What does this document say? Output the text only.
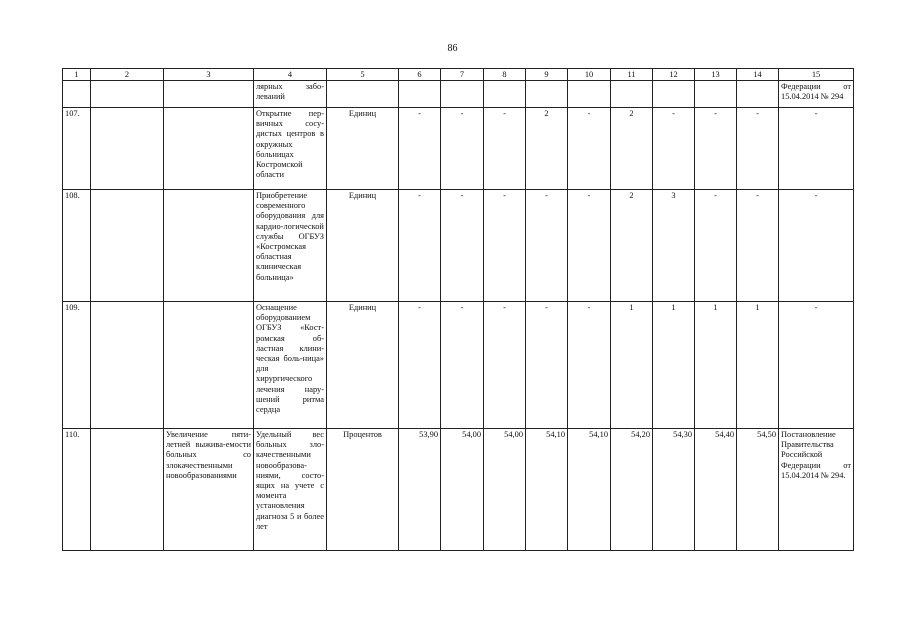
86
1	2	3	4	5	6	7	8	9	10	11	12	13	14	15
			лярных забо-леваний											Федерации от 15.04.2014 № 294
107.			Открытие пер-вичных сосу-дистых центров в окружных больницах Костромской области	Единиц	-	-	-	2	-	2	-	-	-	-
108.			Приобретение современного оборудования для кардио-логической службы ОГБУЗ «Костромская областная клиническая больница»	Единиц	-	-	-	-	-	2	3	-	-	-
109.			Оснащение оборудованием ОГБУЗ «Кост-ромская об-ластная клини-ческая боль-ница» для хирургического лечения нару-шений ритма сердца	Единиц	-	-	-	-	-	1	1	1	1	-
110.		Увеличение пяти-летней выжива-емости больных со злокачественными новообразованиями	Удельный вес больных зло-качественными новообразова-ниями, состо-ящих на учете с момента установления диагноза 5 и более лет	Процентов	53,90	54,00	54,00	54,10	54,10	54,20	54,30	54,40	54,50	Постановление Правительства Российской Федерации от 15.04.2014 № 294.
